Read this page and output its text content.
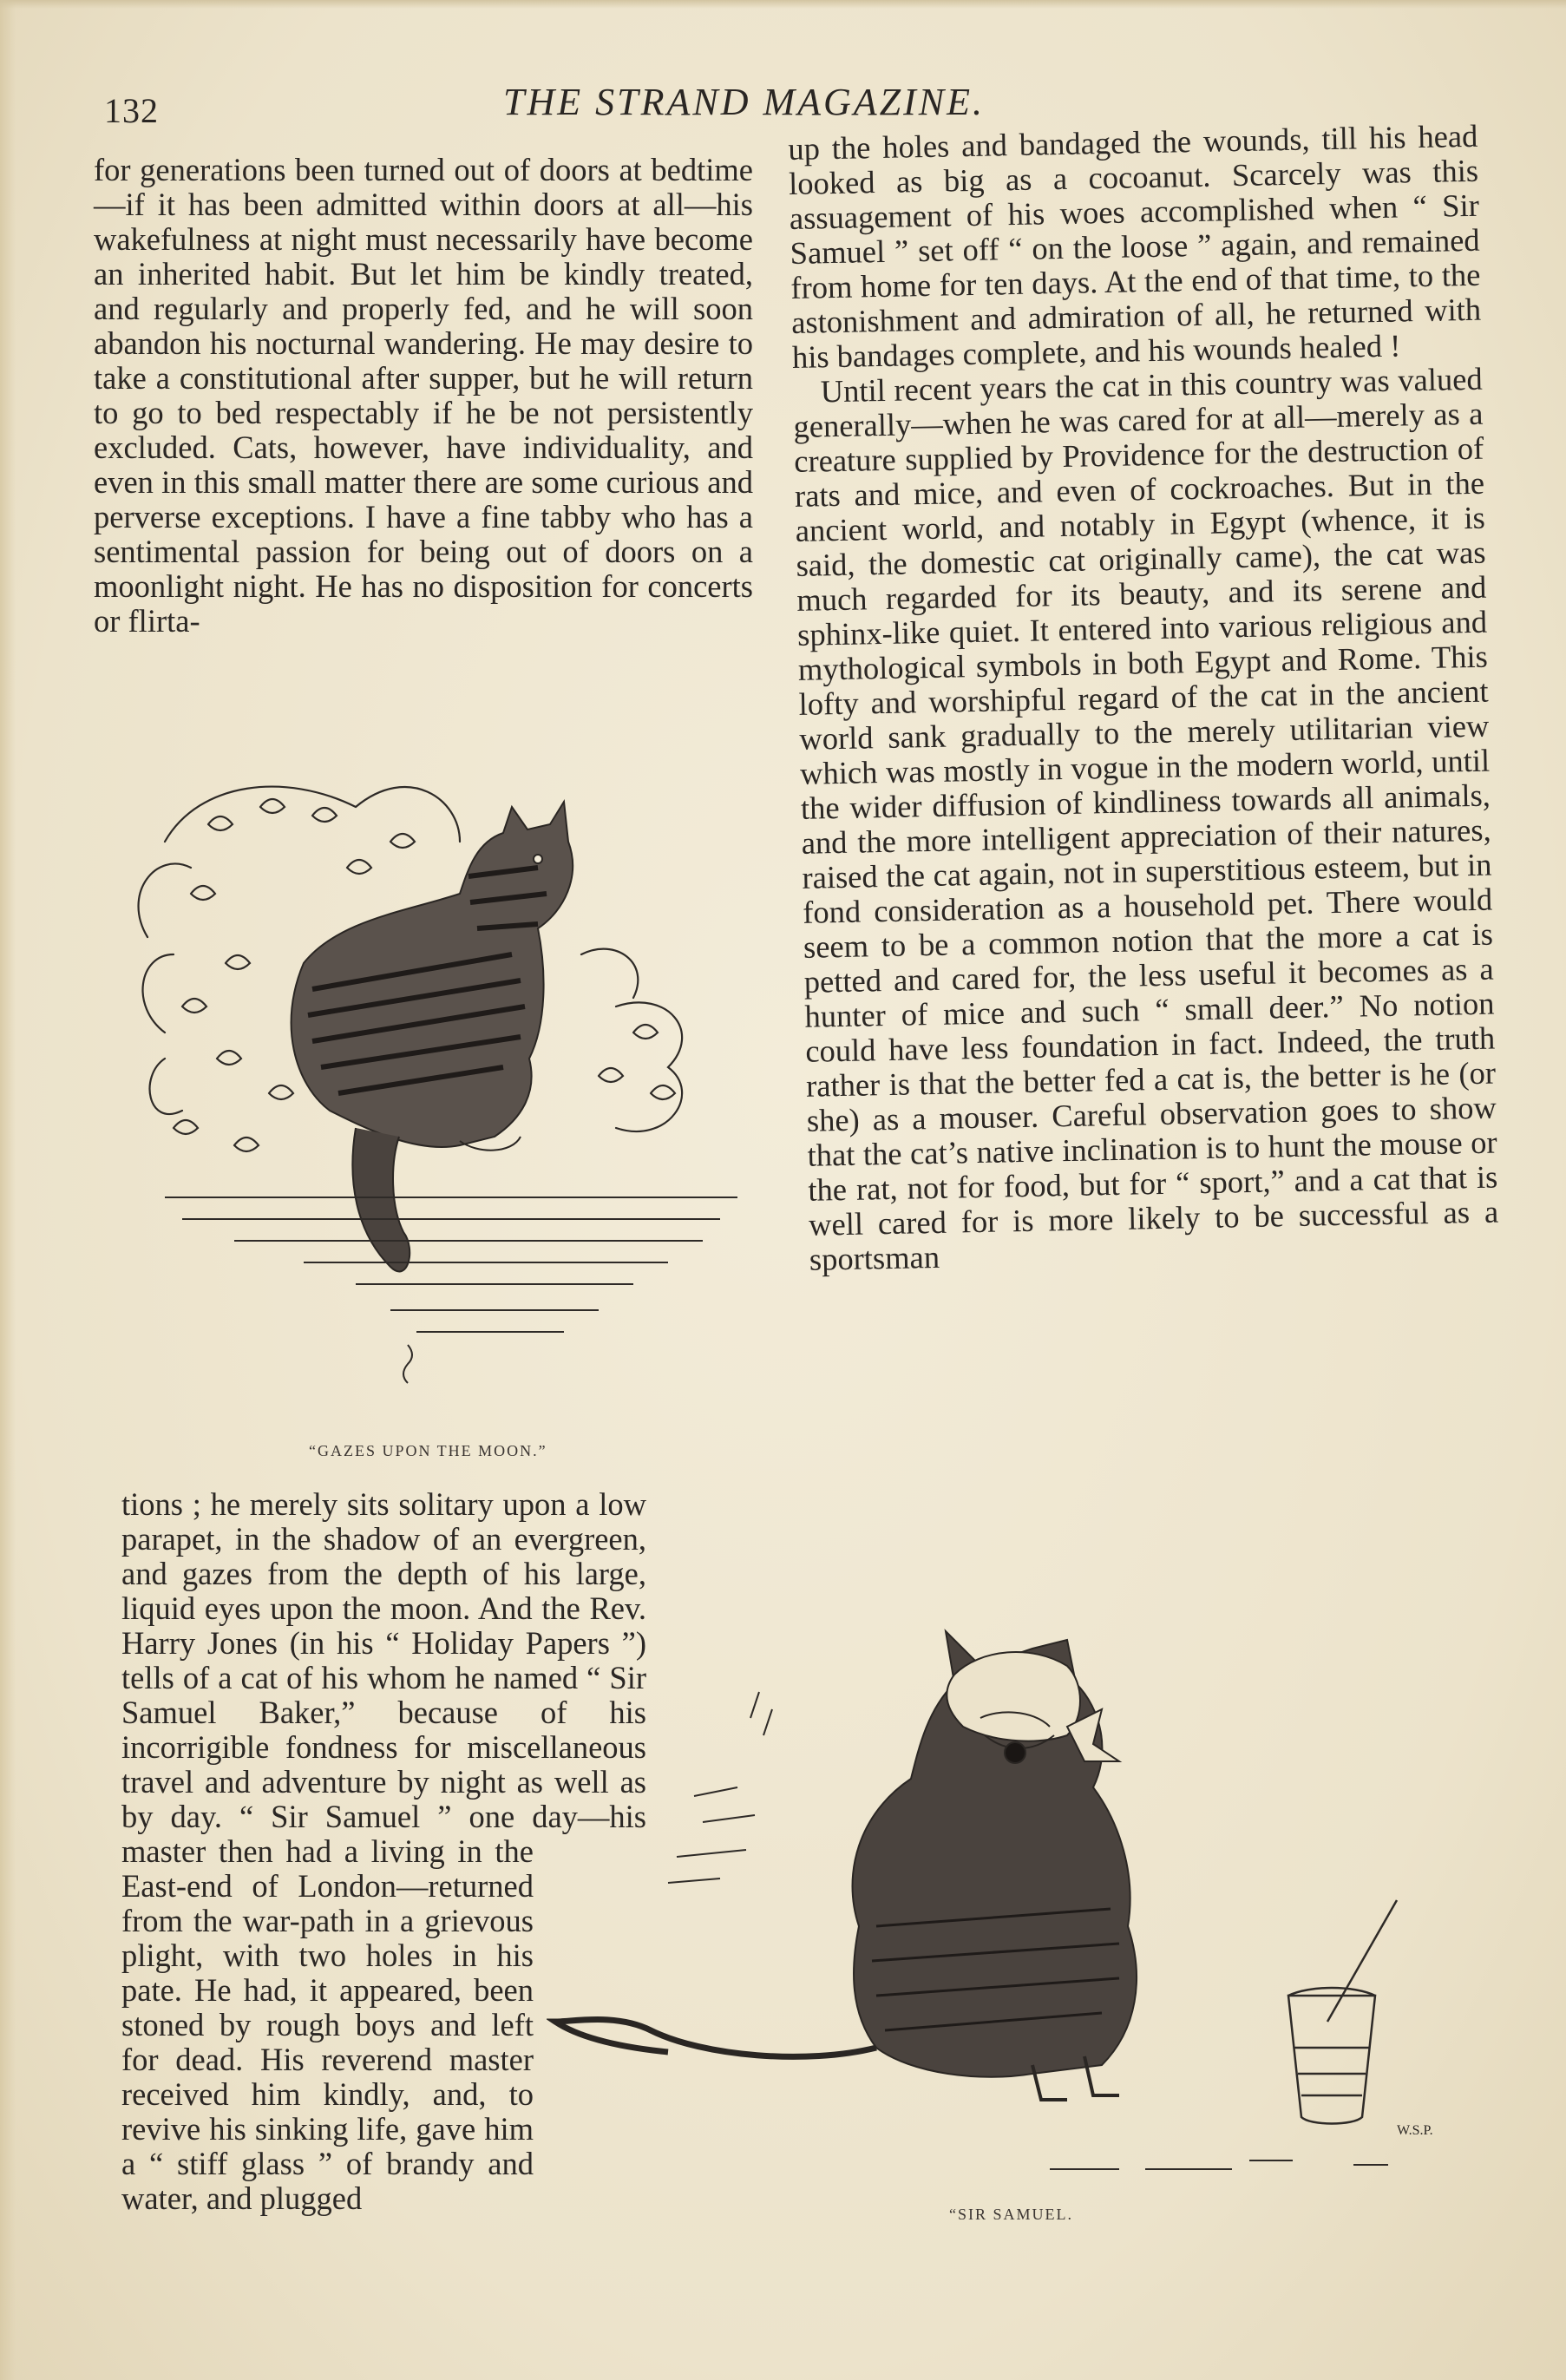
132	THE STRAND MAGAZINE.

for generations been turned out of doors at bedtime—if it has been admitted within doors at all—his wakefulness at night must necessarily have become an inherited habit. But let him be kindly treated, and regularly and properly fed, and he will soon abandon his nocturnal wandering. He may desire to take a constitutional after supper, but he will return to go to bed respectably if he be not persistently excluded. Cats, however, have individuality, and even in this small matter there are some curious and perverse exceptions. I have a fine tabby who has a sentimental passion for being out of doors on a moonlight night. He has no disposition for concerts or flirta-

“GAZES UPON THE MOON.”

tions ; he merely sits solitary upon a low parapet, in the shadow of an evergreen, and gazes from the depth of his large, liquid eyes upon the moon. And the Rev. Harry Jones (in his “ Holiday Papers ”) tells of a cat of his whom he named “ Sir Samuel Baker,” because of his incorrigible fondness for miscellaneous travel and adventure by night as well as by day. “ Sir Samuel ” one day—his master then had a living in the East-end of London—returned from the war-path in a grievous plight, with two holes in his pate. He had, it appeared, been stoned by rough boys and left for dead. His reverend master received him kindly, and, to revive his sinking life, gave him a “ stiff glass ” of brandy and water, and plugged

up the holes and bandaged the wounds, till his head looked as big as a cocoanut. Scarcely was this assuagement of his woes accomplished when “ Sir Samuel ” set off “ on the loose ” again, and remained from home for ten days. At the end of that time, to the astonishment and admiration of all, he returned with his bandages complete, and his wounds healed !

Until recent years the cat in this country was valued generally—when he was cared for at all—merely as a creature supplied by Providence for the destruction of rats and mice, and even of cockroaches. But in the ancient world, and notably in Egypt (whence, it is said, the domestic cat originally came), the cat was much regarded for its beauty, and its serene and sphinx-like quiet. It entered into various religious and mythological symbols in both Egypt and Rome. This lofty and worshipful regard of the cat in the ancient world sank gradually to the merely utilitarian view which was mostly in vogue in the modern world, until the wider diffusion of kindliness towards all animals, and the more intelligent appreciation of their natures, raised the cat again, not in superstitious esteem, but in fond consideration as a household pet. There would seem to be a common notion that the more a cat is petted and cared for, the less useful it becomes as a hunter of mice and such “ small deer.” No notion could have less foundation in fact. Indeed, the truth rather is that the better fed a cat is, the better is he (or she) as a mouser. Careful observation goes to show that the cat’s native inclination is to hunt the mouse or the rat, not for food, but for “ sport,” and a cat that is well cared for is more likely to be successful as a sportsman

W.S.P.
“SIR SAMUEL.
